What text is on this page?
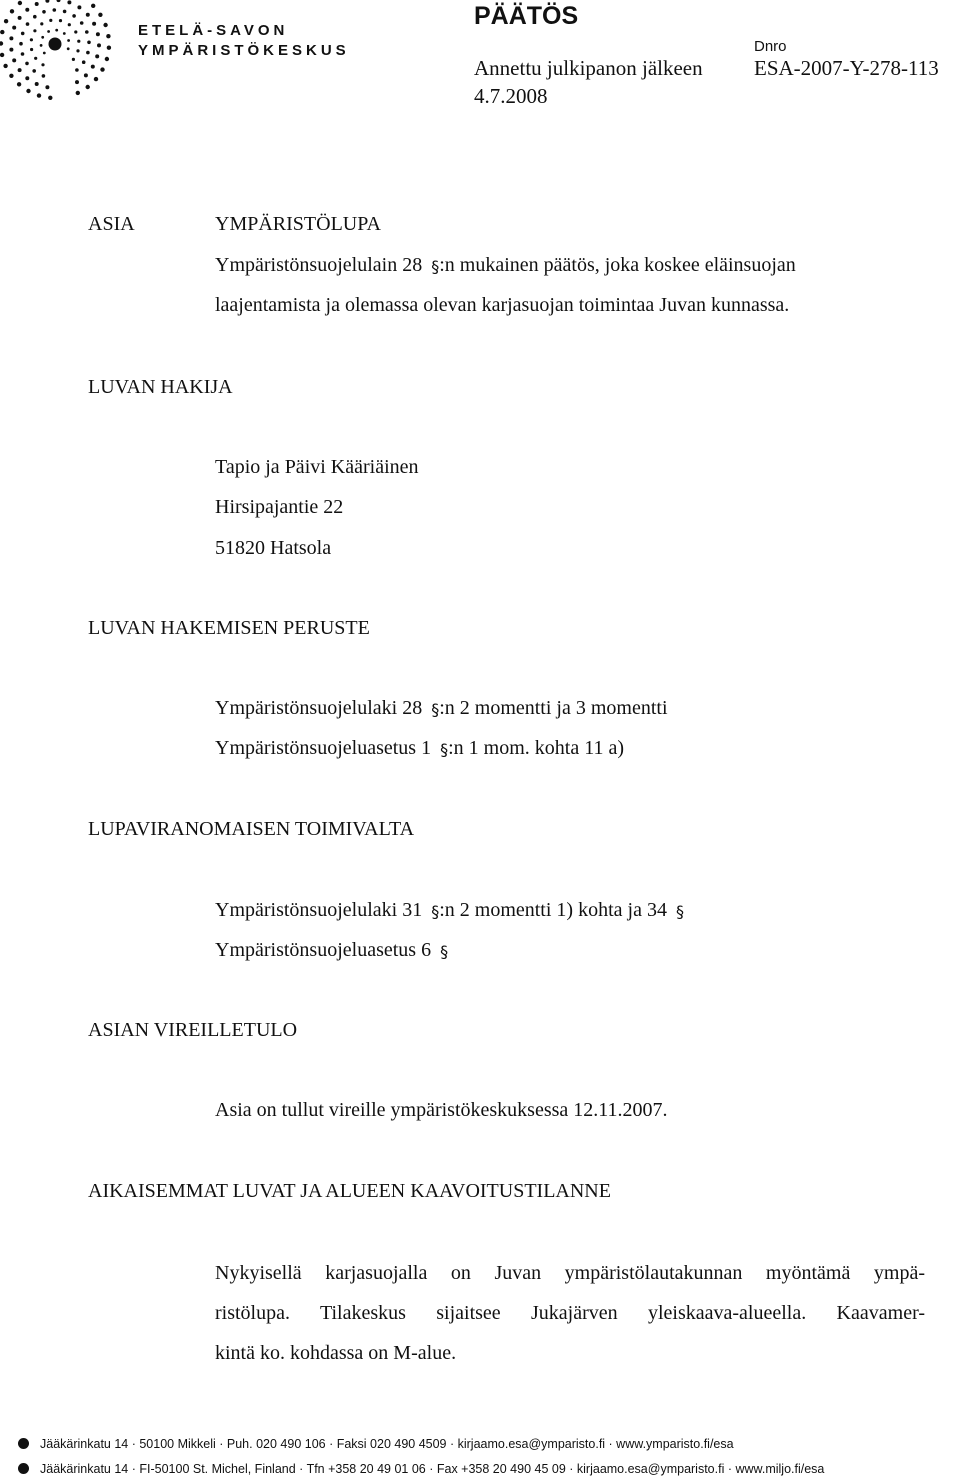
ETELÄ-SAVON
YMPÄRISTÖKESKUS
PÄÄTÖS
Annettu julkipanon jälkeen
4.7.2008
Dnro
ESA-2007-Y-278-113
ASIA	YMPÄRISTÖLUPA
Ympäristönsuojelulain 28 §:n mukainen päätös, joka koskee eläinsuojan
laajentamista ja olemassa olevan karjasuojan toimintaa Juvan kunnassa.
LUVAN HAKIJA
Tapio ja Päivi Kääriäinen
Hirsipajantie 22
51820 Hatsola
LUVAN HAKEMISEN PERUSTE
Ympäristönsuojelulaki 28 §:n 2 momentti ja 3 momentti
Ympäristönsuojeluasetus 1 §:n 1 mom. kohta 11 a)
LUPAVIRANOMAISEN TOIMIVALTA
Ympäristönsuojelulaki 31 §:n 2 momentti 1) kohta ja 34 §
Ympäristönsuojeluasetus 6 §
ASIAN VIREILLETULO
Asia on tullut vireille ympäristökeskuksessa 12.11.2007.
AIKAISEMMAT LUVAT JA ALUEEN KAAVOITUSTILANNE
Nykyisellä karjasuojalla on Juvan ympäristölautakunnan myöntämä ympä-
ristölupa. Tilakeskus sijaitsee Jukajärven yleiskaava-alueella. Kaavamer-
kintä ko. kohdassa on M-alue.
Jääkärinkatu 14 · 50100 Mikkeli · Puh. 020 490 106 · Faksi 020 490 4509 · kirjaamo.esa@ymparisto.fi · www.ymparisto.fi/esa
Jääkärinkatu 14 · FI-50100 St. Michel, Finland · Tfn +358 20 49 01 06 · Fax +358 20 490 45 09 · kirjaamo.esa@ymparisto.fi · www.miljo.fi/esa
